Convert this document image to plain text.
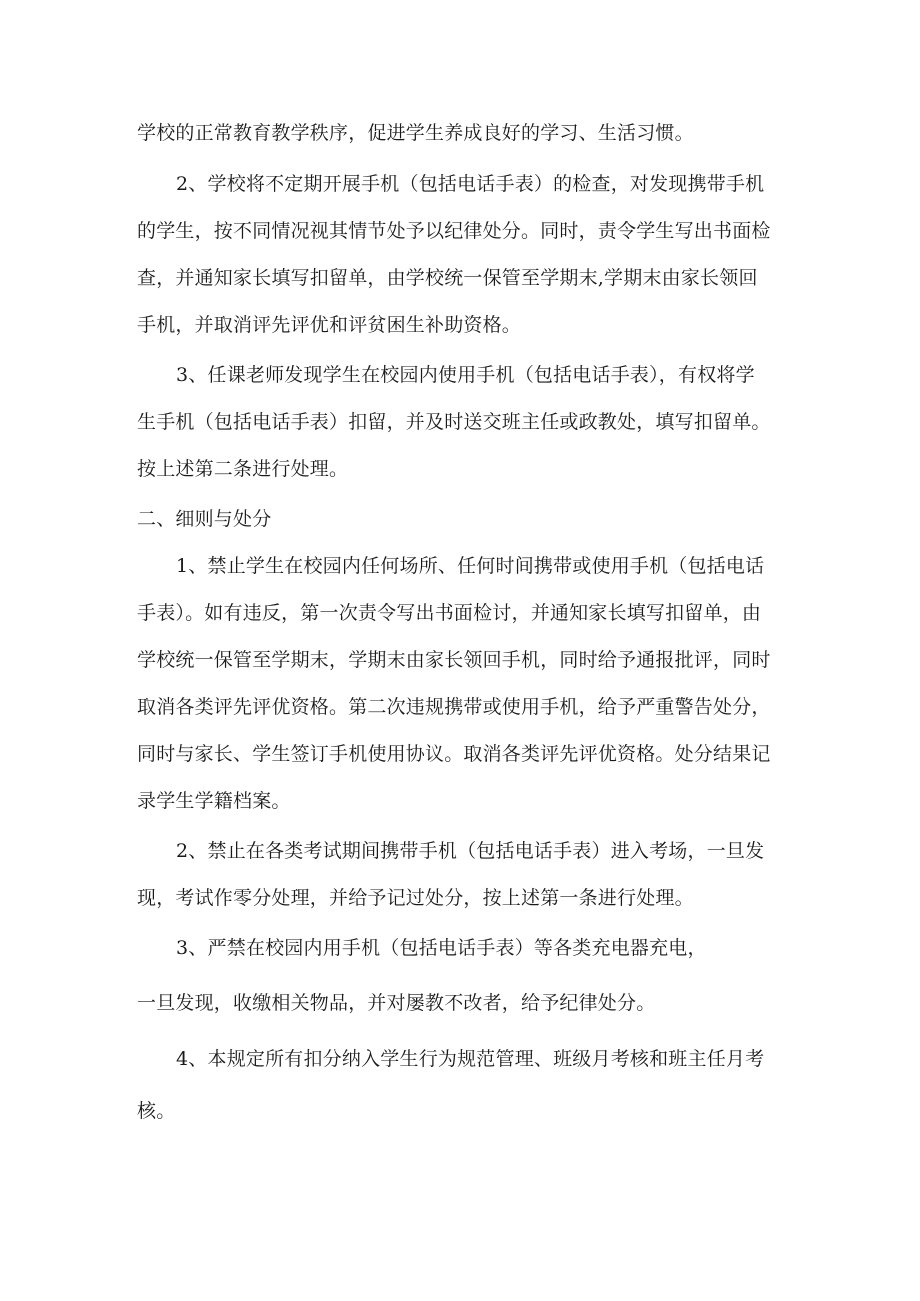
学校的正常教育教学秩序，促进学生养成良好的学习、生活习惯。
2、学校将不定期开展手机（包括电话手表）的检查，对发现携带手机
的学生，按不同情况视其情节处予以纪律处分。同时，责令学生写出书面检
查，并通知家长填写扣留单，由学校统一保管至学期末,学期末由家长领回
手机，并取消评先评优和评贫困生补助资格。
3、任课老师发现学生在校园内使用手机（包括电话手表），有权将学
生手机（包括电话手表）扣留，并及时送交班主任或政教处，填写扣留单。
按上述第二条进行处理。
二、细则与处分
1、禁止学生在校园内任何场所、任何时间携带或使用手机（包括电话
手表）。如有违反，第一次责令写出书面检讨，并通知家长填写扣留单，由
学校统一保管至学期末，学期末由家长领回手机，同时给予通报批评，同时
取消各类评先评优资格。第二次违规携带或使用手机，给予严重警告处分，
同时与家长、学生签订手机使用协议。取消各类评先评优资格。处分结果记
录学生学籍档案。
2、禁止在各类考试期间携带手机（包括电话手表）进入考场，一旦发
现，考试作零分处理，并给予记过处分，按上述第一条进行处理。
3、严禁在校园内用手机（包括电话手表）等各类充电器充电，
一旦发现，收缴相关物品，并对屡教不改者，给予纪律处分。
4、本规定所有扣分纳入学生行为规范管理、班级月考核和班主任月考
核。
